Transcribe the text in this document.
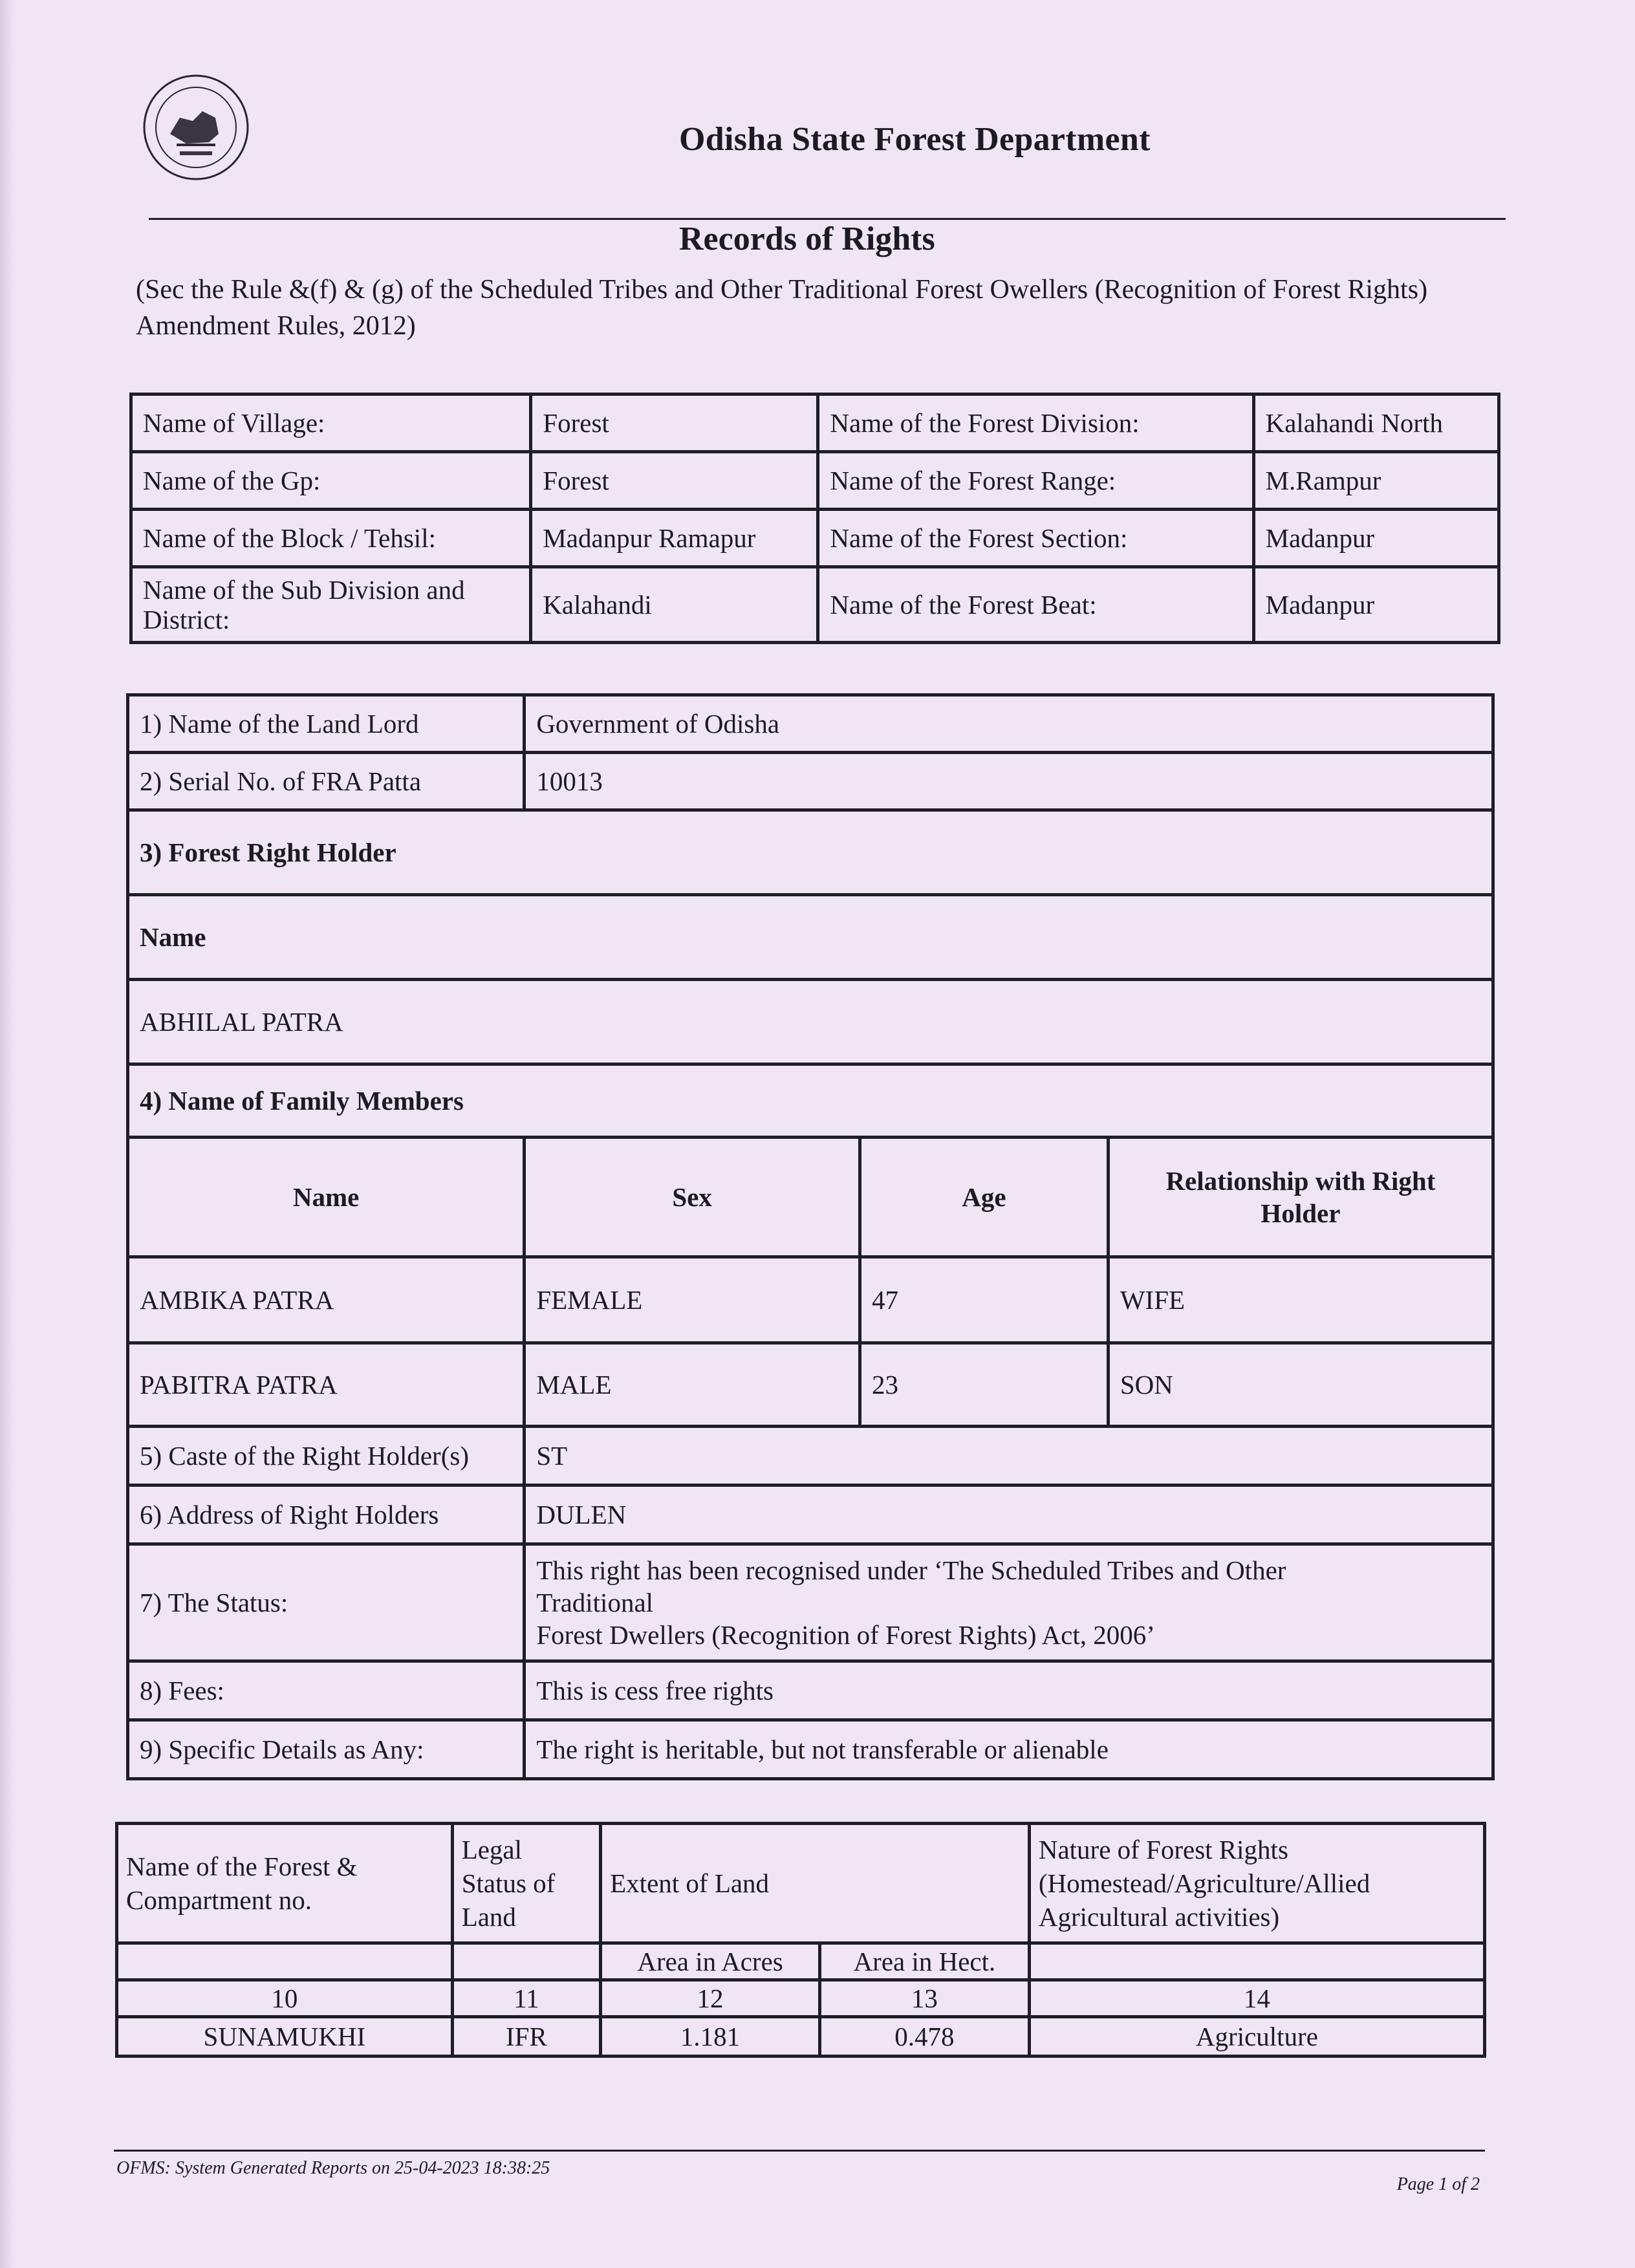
Odisha State Forest Department
Records of Rights
(Sec the Rule &(f) & (g) of the Scheduled Tribes and Other Traditional Forest Owellers (Recognition of Forest Rights) Amendment Rules, 2012)
Name of Village:	Forest	Name of the Forest Division:	Kalahandi North
Name of the Gp:	Forest	Name of the Forest Range:	M.Rampur
Name of the Block / Tehsil:	Madanpur Ramapur	Name of the Forest Section:	Madanpur
Name of the Sub Division and District:	Kalahandi	Name of the Forest Beat:	Madanpur
1) Name of the Land Lord	Government of Odisha		
2) Serial No. of FRA Patta	10013		
3) Forest Right Holder			
Name			
ABHILAL PATRA			
4) Name of Family Members			
Name	Sex	Age	Relationship with Right Holder
AMBIKA PATRA	FEMALE	47	WIFE
PABITRA PATRA	MALE	23	SON
5) Caste of the Right Holder(s)	ST		
6) Address of Right Holders	DULEN		
7) The Status:	This right has been recognised under ‘The Scheduled Tribes and Other
Traditional
Forest Dwellers (Recognition of Forest Rights) Act, 2006’		

8) Fees:	This is cess free rights		
9) Specific Details as Any:	The right is heritable, but not transferable or alienable		
Name of the Forest & Compartment no.	Legal Status of Land	Extent of Land		Nature of Forest Rights (Homestead/Agriculture/Allied Agricultural activities)
		Area in Acres	Area in Hect.	
10	11	12	13	14
SUNAMUKHI	IFR	1.181	0.478	Agriculture
OFMS: System Generated Reports on 25-04-2023 18:38:25
Page 1 of 2
